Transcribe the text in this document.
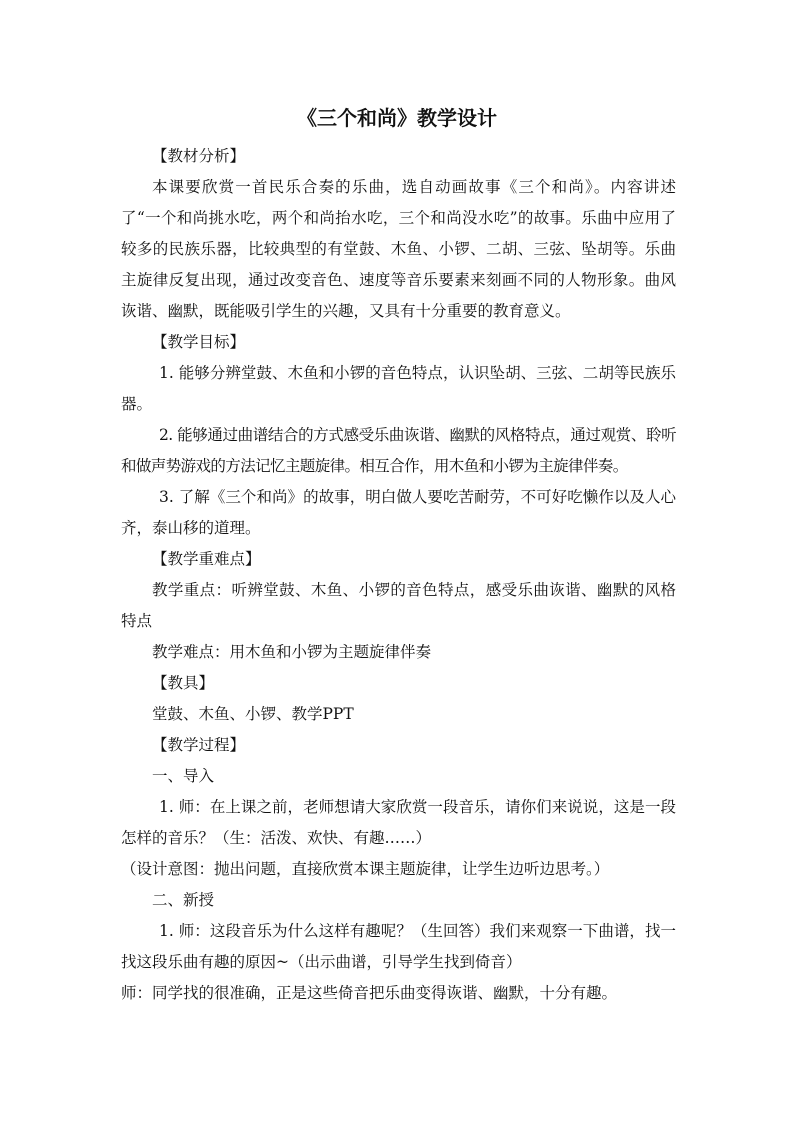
《三个和尚》教学设计

【教材分析】

本课要欣赏一首民乐合奏的乐曲，选自动画故事《三个和尚》。内容讲述了“一个和尚挑水吃，两个和尚抬水吃，三个和尚没水吃”的故事。乐曲中应用了较多的民族乐器，比较典型的有堂鼓、木鱼、小锣、二胡、三弦、坠胡等。乐曲主旋律反复出现，通过改变音色、速度等音乐要素来刻画不同的人物形象。曲风诙谐、幽默，既能吸引学生的兴趣，又具有十分重要的教育意义。

【教学目标】

1. 能够分辨堂鼓、木鱼和小锣的音色特点，认识坠胡、三弦、二胡等民族乐器。

2. 能够通过曲谱结合的方式感受乐曲诙谐、幽默的风格特点，通过观赏、聆听和做声势游戏的方法记忆主题旋律。相互合作，用木鱼和小锣为主旋律伴奏。

3. 了解《三个和尚》的故事，明白做人要吃苦耐劳，不可好吃懒作以及人心齐，泰山移的道理。

【教学重难点】

教学重点：听辨堂鼓、木鱼、小锣的音色特点，感受乐曲诙谐、幽默的风格特点

教学难点：用木鱼和小锣为主题旋律伴奏

【教具】

堂鼓、木鱼、小锣、教学PPT

【教学过程】

一、导入

1. 师：在上课之前，老师想请大家欣赏一段音乐，请你们来说说，这是一段怎样的音乐？（生：活泼、欢快、有趣……）

（设计意图：抛出问题，直接欣赏本课主题旋律，让学生边听边思考。）

二、新授

1. 师：这段音乐为什么这样有趣呢？（生回答）我们来观察一下曲谱，找一找这段乐曲有趣的原因~（出示曲谱，引导学生找到倚音）

师：同学找的很准确，正是这些倚音把乐曲变得诙谐、幽默，十分有趣。
